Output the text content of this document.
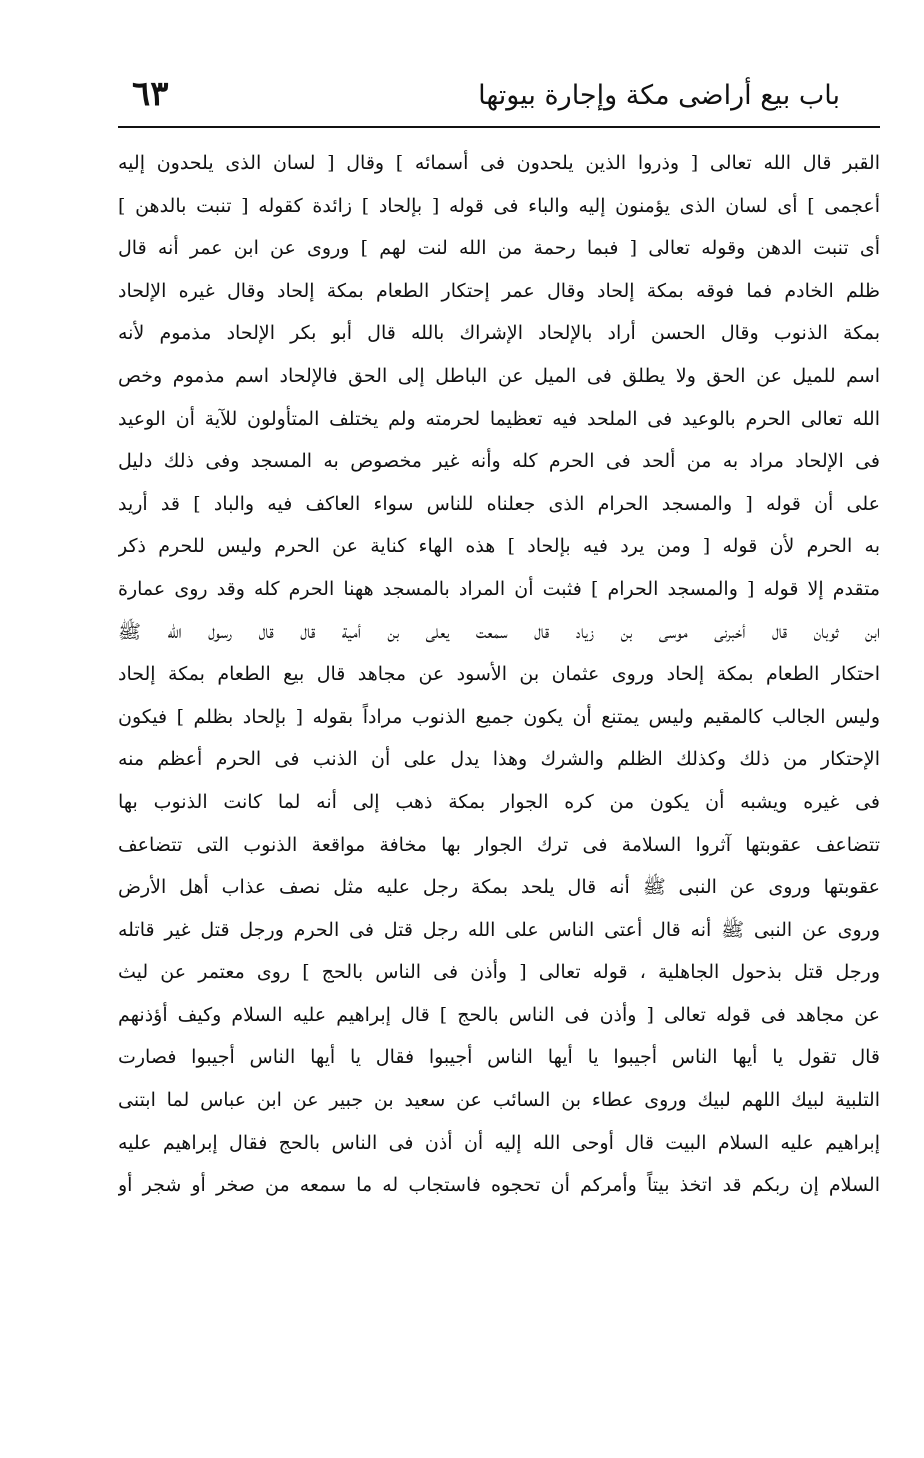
باب بيع أراضى مكة وإجارة بيوتها
٦٣
القبر قال الله تعالى [ وذروا الذين يلحدون فى أسمائه ] وقال [ لسان الذى يلحدون إليه
أعجمى ] أى لسان الذى يؤمنون إليه والباء فى قوله [ بإلحاد ] زائدة كقوله [ تنبت بالدهن ]
أى تنبت الدهن وقوله تعالى [ فبما رحمة من الله لنت لهم ] وروى عن ابن عمر أنه قال
ظلم الخادم فما فوقه بمكة إلحاد وقال عمر إحتكار الطعام بمكة إلحاد وقال غيره الإلحاد
بمكة الذنوب وقال الحسن أراد بالإلحاد الإشراك بالله قال أبو بكر الإلحاد مذموم لأنه
اسم للميل عن الحق ولا يطلق فى الميل عن الباطل إلى الحق فالإلحاد اسم مذموم وخص
الله تعالى الحرم بالوعيد فى الملحد فيه تعظيما لحرمته ولم يختلف المتأولون للآية أن الوعيد
فى الإلحاد مراد به من ألحد فى الحرم كله وأنه غير مخصوص به المسجد وفى ذلك دليل
على أن قوله [ والمسجد الحرام الذى جعلناه للناس سواء العاكف فيه والباد ] قد أريد
به الحرم لأن قوله [ ومن يرد فيه بإلحاد ] هذه الهاء كناية عن الحرم وليس للحرم ذكر
متقدم إلا قوله [ والمسجد الحرام ] فثبت أن المراد بالمسجد ههنا الحرم كله وقد روى عمارة
ابن ثوبان قال أخبرنى موسى بن زياد قال سمعت يعلى بن أمية قال قال رسول الله ﷺ
احتكار الطعام بمكة إلحاد وروى عثمان بن الأسود عن مجاهد قال بيع الطعام بمكة إلحاد
وليس الجالب كالمقيم وليس يمتنع أن يكون جميع الذنوب مراداً بقوله [ بإلحاد بظلم ] فيكون
الإحتكار من ذلك وكذلك الظلم والشرك وهذا يدل على أن الذنب فى الحرم أعظم منه
فى غيره ويشبه أن يكون من كره الجوار بمكة ذهب إلى أنه لما كانت الذنوب بها
تتضاعف عقوبتها آثروا السلامة فى ترك الجوار بها مخافة مواقعة الذنوب التى تتضاعف
عقوبتها وروى عن النبى ﷺ أنه قال يلحد بمكة رجل عليه مثل نصف عذاب أهل الأرض
وروى عن النبى ﷺ أنه قال أعتى الناس على الله رجل قتل فى الحرم ورجل قتل غير قاتله
ورجل قتل بذحول الجاهلية ، قوله تعالى [ وأذن فى الناس بالحج ] روى معتمر عن ليث
عن مجاهد فى قوله تعالى [ وأذن فى الناس بالحج ] قال إبراهيم عليه السلام وكيف أؤذنهم
قال تقول يا أيها الناس أجيبوا يا أيها الناس أجيبوا فقال يا أيها الناس أجيبوا فصارت
التلبية لبيك اللهم لبيك وروى عطاء بن السائب عن سعيد بن جبير عن ابن عباس لما ابتنى
إبراهيم عليه السلام البيت قال أوحى الله إليه أن أذن فى الناس بالحج فقال إبراهيم عليه
السلام إن ربكم قد اتخذ بيتاً وأمركم أن تحجوه فاستجاب له ما سمعه من صخر أو شجر أو
